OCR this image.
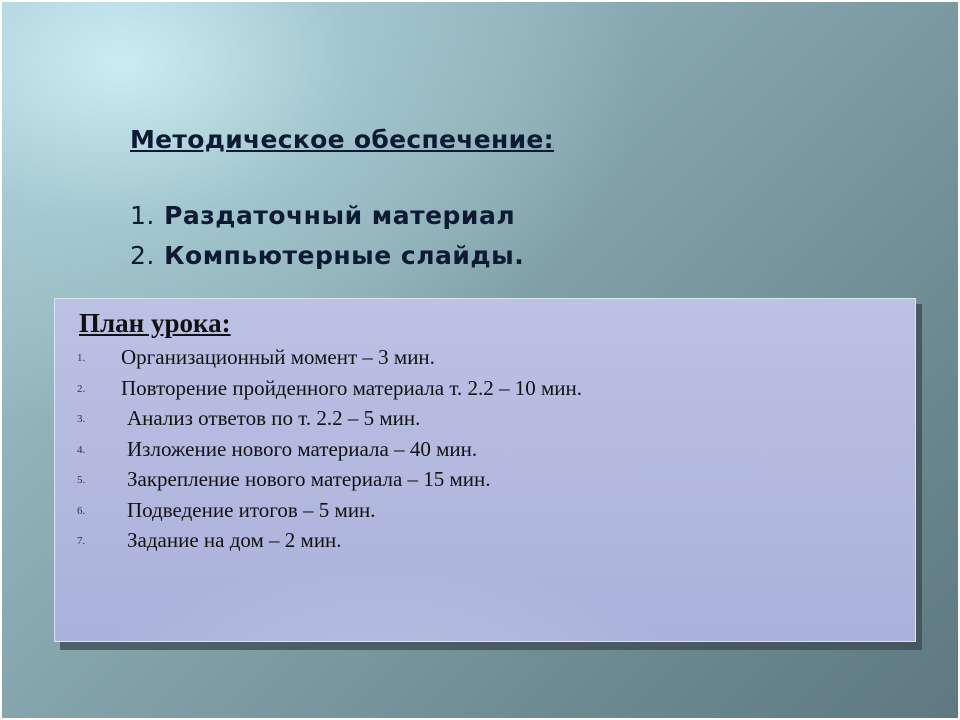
Методическое обеспечение:
1. Раздаточный материал
2. Компьютерные слайды.
План урока:
1. Организационный момент – 3 мин.
2. Повторение пройденного материала т. 2.2 – 10 мин.
3. Анализ ответов по т. 2.2 – 5 мин.
4. Изложение нового материала – 40 мин.
5. Закрепление нового материала – 15 мин.
6. Подведение итогов – 5 мин.
7. Задание на дом – 2 мин.
